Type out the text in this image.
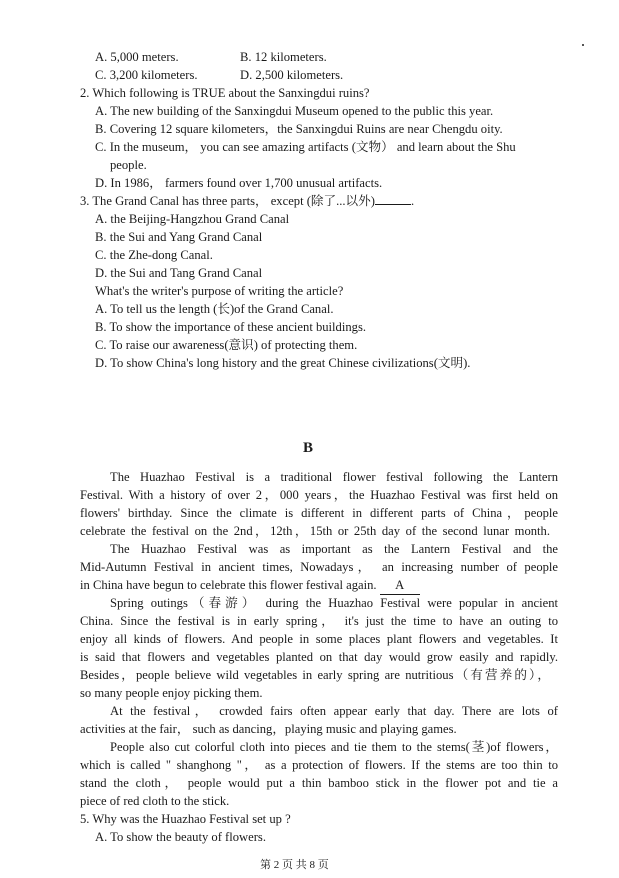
A. 5,000 meters.	B. 12 kilometers.
C. 3,200 kilometers.	D. 2,500 kilometers.
2. Which following is TRUE about the Sanxingdui ruins?
A. The new building of the Sanxingdui Museum opened to the public this year.
B. Covering 12 square kilometers，the Sanxingdui Ruins are near Chengdu oity.
C. In the museum， you can see amazing artifacts (文物） and learn about the Shu
people.
D. In 1986， farmers found over 1,700 unusual artifacts.
3. The Grand Canal has three parts， except (除了...以外)	.
A. the Beijing-Hangzhou Grand Canal
B. the Sui and Yang Grand Canal
C. the Zhe-dong Canal.
D. the Sui and Tang Grand Canal
What's the writer's purpose of writing the article?
A. To tell us the length (长)of the Grand Canal.
B. To show the importance of these ancient buildings.
C. To raise our awareness(意识) of protecting them.
D. To show China's long history and the great Chinese civilizations(文明).
B
The Huazhao Festival is a traditional flower festival following the Lantern
Festival. With a history of over 2，000 years，the Huazhao Festival was first held on
flowers' birthday. Since the climate is different in different parts of China，people
celebrate the festival on the 2nd，12th，15th or 25th day of the second lunar month.
The Huazhao Festival was as important as the Lantern Festival and the
Mid-Autumn Festival in ancient times, Nowadays， an increasing number of people
in China have begun to celebrate this flower festival again. A
Spring outings（春游） during the Huazhao Festival were popular in ancient
China. Since the festival is in early spring， it's just the time to have an outing to
enjoy all kinds of flowers. And people in some places plant flowers and vegetables. It
is said that flowers and vegetables planted on that day would grow easily and rapidly.
Besides，people believe wild vegetables in early spring are nutritious（有营养的），
so many people enjoy picking them.
At the festival， crowded fairs often appear early that day. There are lots of
activities at the fair， such as dancing，playing music and playing games.
People also cut colorful cloth into pieces and tie them to the stems(茎)of flowers，
which is called " shanghong "， as a protection of flowers. If the stems are too thin to
stand the cloth， people would put a thin bamboo stick in the flower pot and tie a
piece of red cloth to the stick.
5. Why was the Huazhao Festival set up ?
A. To show the beauty of flowers.
第 2 页 共 8 页
